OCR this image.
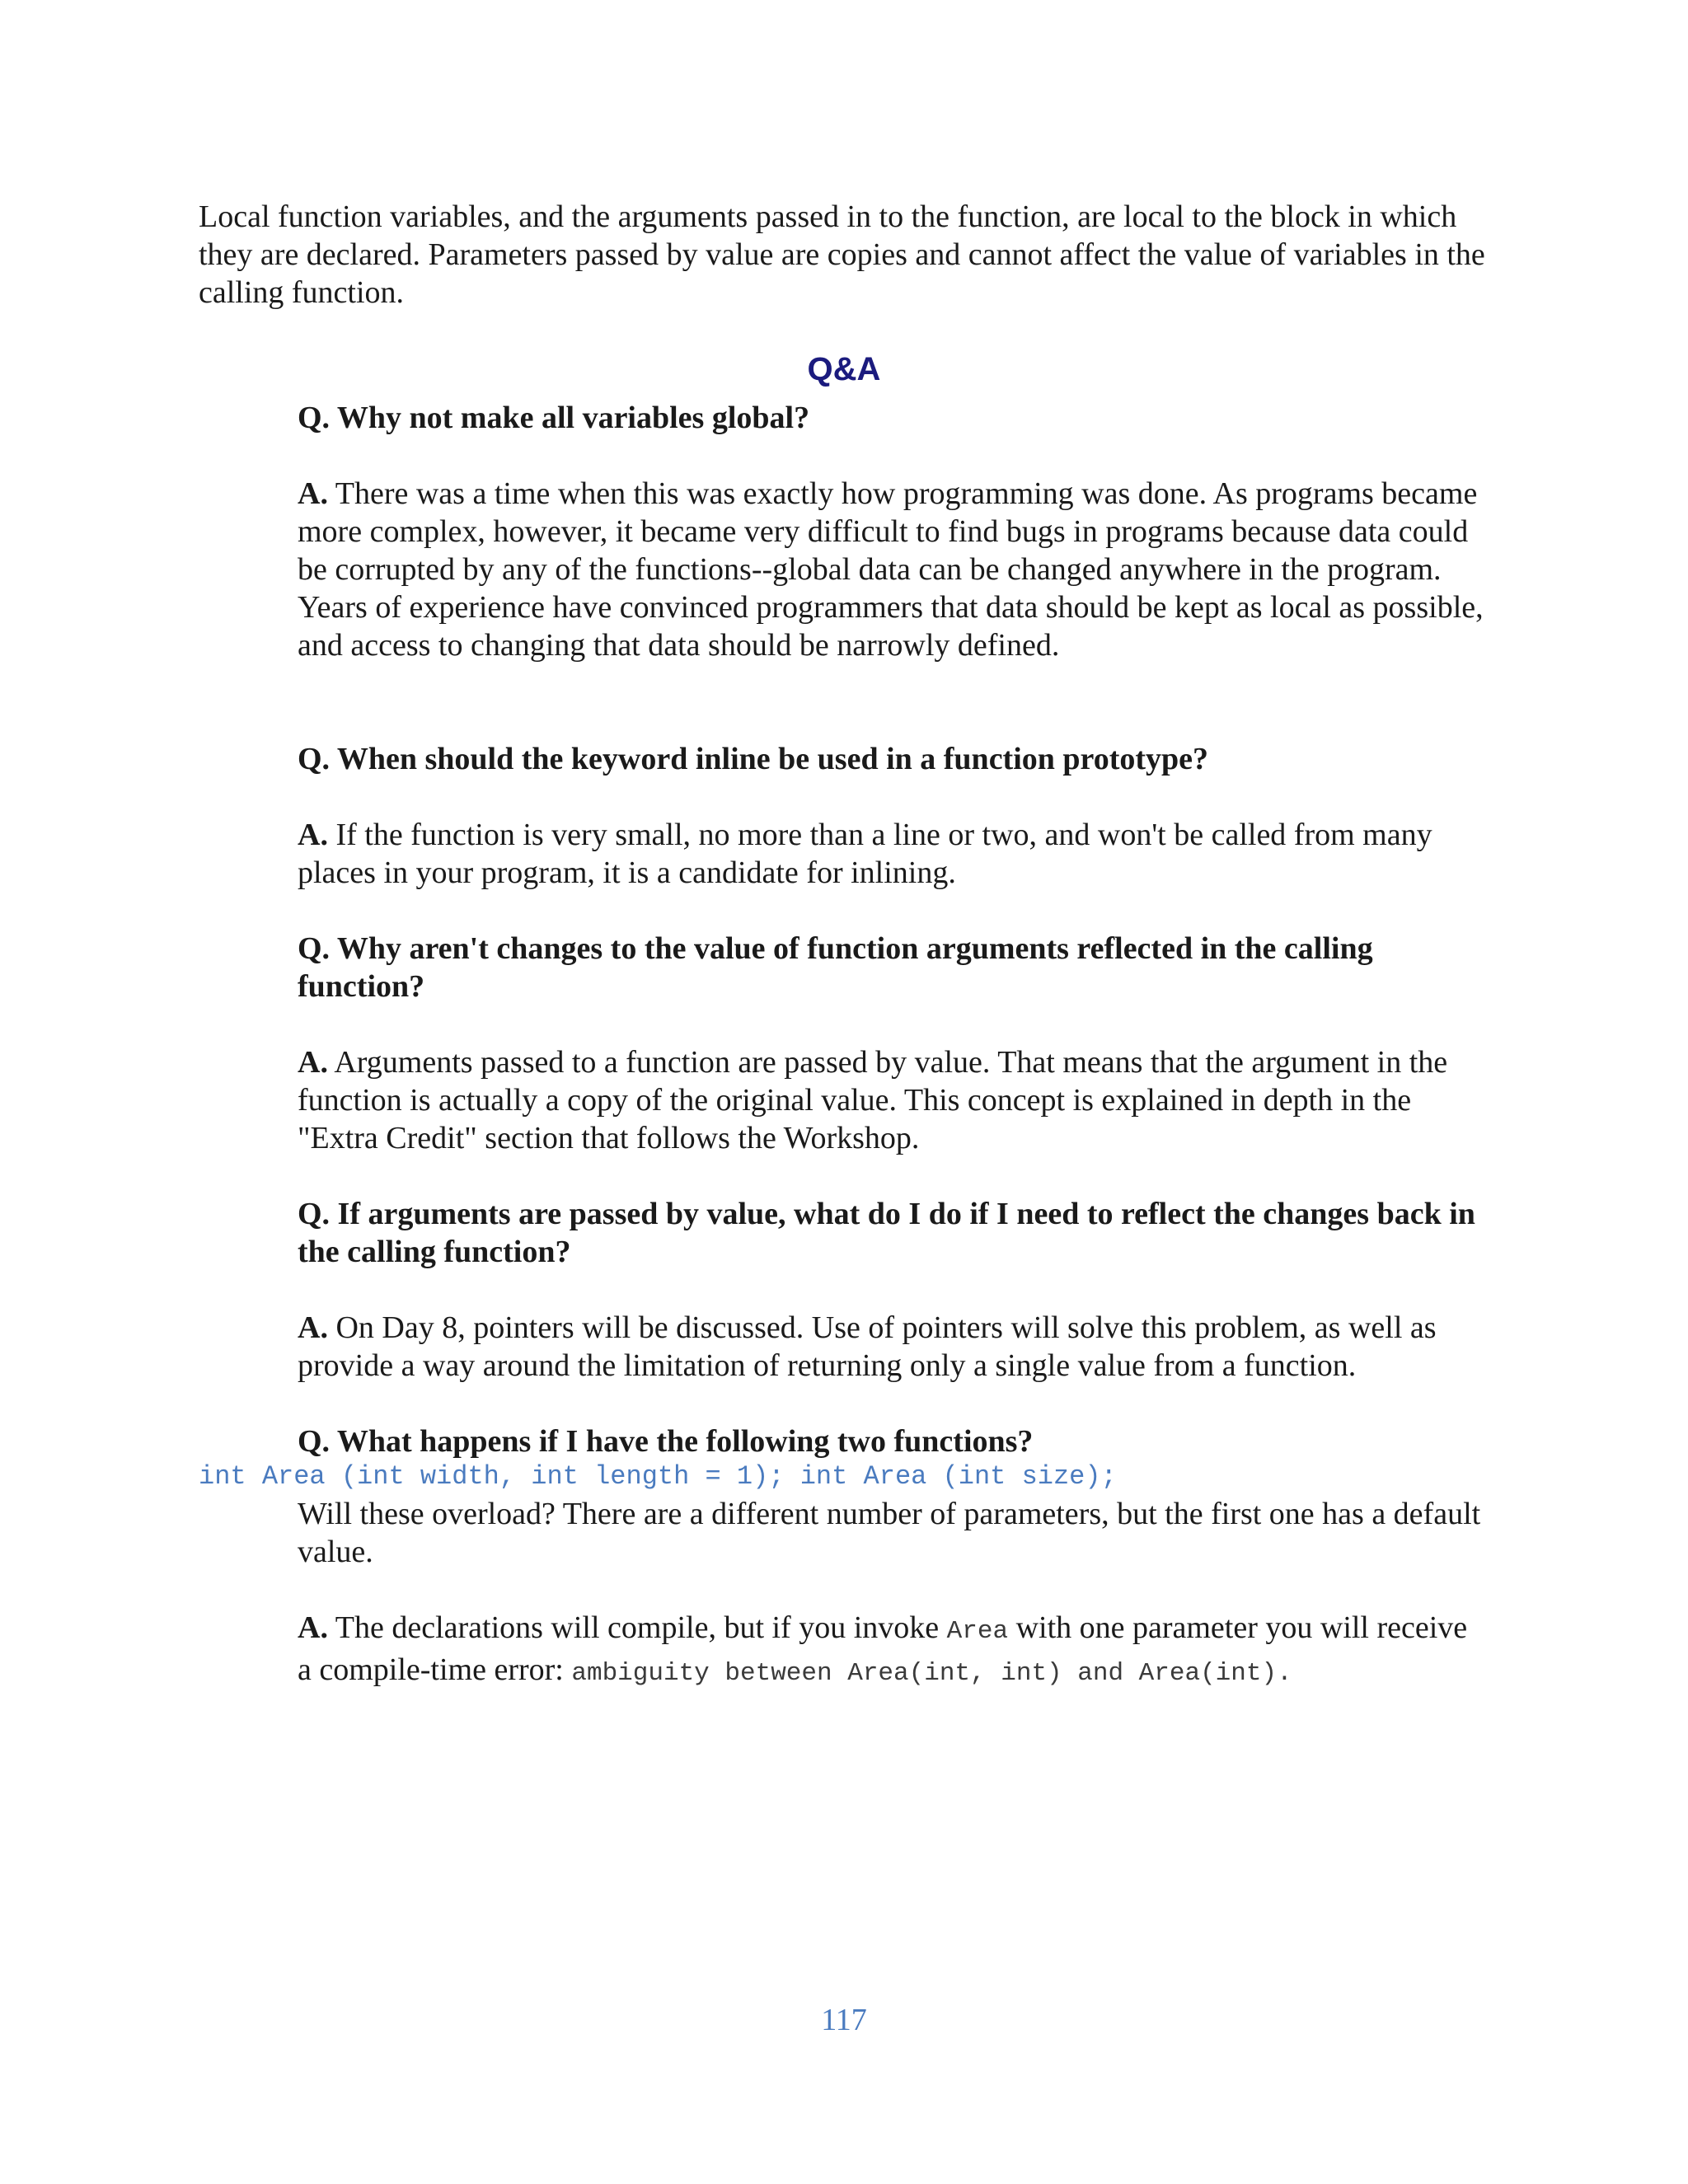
Local function variables, and the arguments passed in to the function, are local to the block in which they are declared. Parameters passed by value are copies and cannot affect the value of variables in the calling function.

Q&A

Q. Why not make all variables global?

A. There was a time when this was exactly how programming was done. As programs became more complex, however, it became very difficult to find bugs in programs because data could be corrupted by any of the functions--global data can be changed anywhere in the program. Years of experience have convinced programmers that data should be kept as local as possible, and access to changing that data should be narrowly defined.

Q. When should the keyword inline be used in a function prototype?

A. If the function is very small, no more than a line or two, and won't be called from many places in your program, it is a candidate for inlining.

Q. Why aren't changes to the value of function arguments reflected in the calling function?

A. Arguments passed to a function are passed by value. That means that the argument in the function is actually a copy of the original value. This concept is explained in depth in the "Extra Credit" section that follows the Workshop.

Q. If arguments are passed by value, what do I do if I need to reflect the changes back in the calling function?

A. On Day 8, pointers will be discussed. Use of pointers will solve this problem, as well as provide a way around the limitation of returning only a single value from a function.

Q. What happens if I have the following two functions?

int Area (int width, int length = 1); int Area (int size);

Will these overload? There are a different number of parameters, but the first one has a default value.

A. The declarations will compile, but if you invoke Area with one parameter you will receive a compile-time error: ambiguity between Area(int, int) and Area(int).

117
